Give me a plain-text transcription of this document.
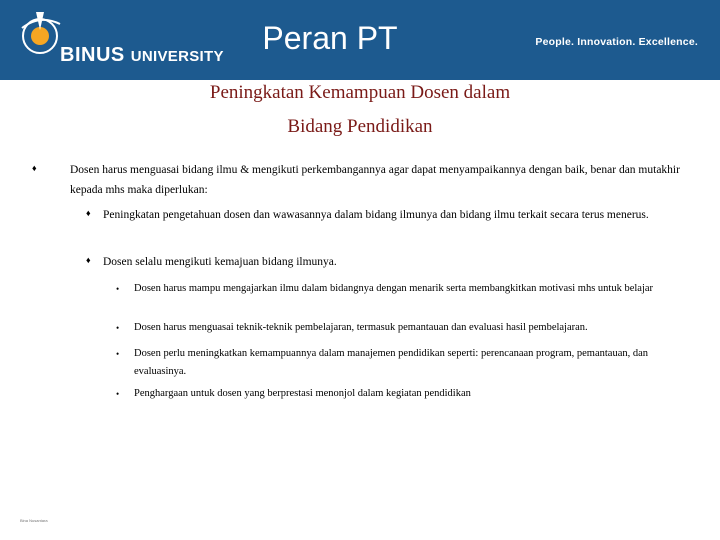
BINUS UNIVERSITY
Peran PT	People. Innovation. Excellence.
Peningkatan Kemampuan Dosen dalam
Bidang Pendidikan
♦	Dosen harus menguasai bidang ilmu & mengikuti perkembangannya agar dapat menyampaikannya dengan baik, benar dan mutakhir kepada mhs maka diperlukan:
♦ Peningkatan pengetahuan dosen dan wawasannya dalam bidang ilmunya dan bidang ilmu terkait secara terus menerus.
♦ Dosen selalu mengikuti kemajuan bidang ilmunya.
• Dosen harus mampu mengajarkan ilmu dalam bidangnya dengan menarik serta membangkitkan motivasi mhs untuk belajar
• Dosen harus menguasai teknik-teknik pembelajaran, termasuk pemantauan dan evaluasi hasil pembelajaran.
• Dosen perlu meningkatkan kemampuannya dalam manajemen pendidikan seperti: perencanaan program, pemantauan, dan evaluasinya.
• Penghargaan untuk dosen yang berprestasi menonjol dalam kegiatan pendidikan
Bina Nusantara
